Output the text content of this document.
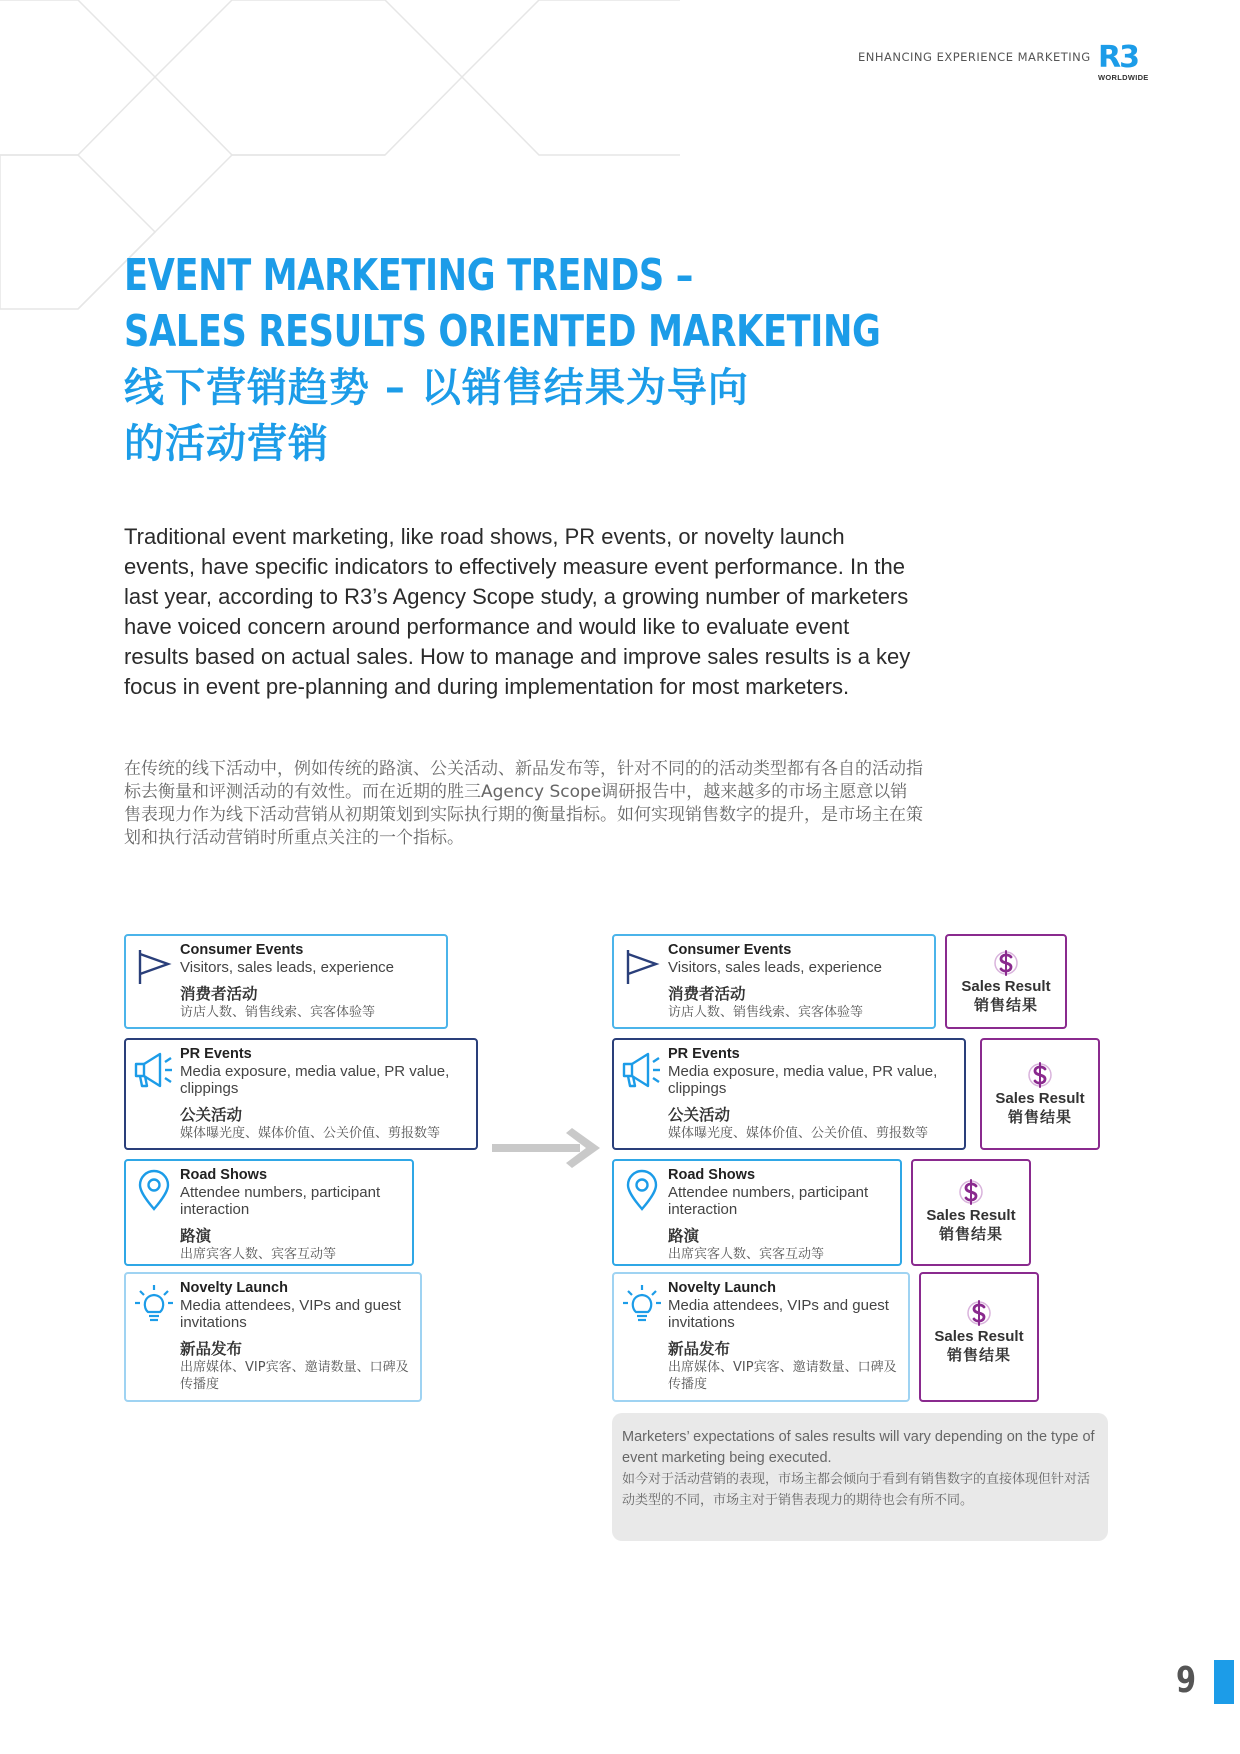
ENHANCING EXPERIENCE MARKETING R3
WORLDWIDE
EVENT MARKETING TRENDS –
SALES RESULTS ORIENTED MARKETING
线下营销趋势 – 以销售结果为导向
的活动营销
Traditional event marketing, like road shows, PR events, or novelty launch events, have specific indicators to effectively measure event performance. In the last year, according to R3’s Agency Scope study, a growing number of marketers have voiced concern around performance and would like to evaluate event results based on actual sales. How to manage and improve sales results is a key focus in event pre-planning and during implementation for most marketers.
在传统的线下活动中，例如传统的路演、公关活动、新品发布等，针对不同的的活动类型都有各自的活动指标去衡量和评测活动的有效性。而在近期的胜三Agency Scope调研报告中，越来越多的市场主愿意以销售表现力作为线下活动营销从初期策划到实际执行期的衡量指标。如何实现销售数字的提升，是市场主在策划和执行活动营销时所重点关注的一个指标。
Consumer Events
Visitors, sales leads, experience
消费者活动
访店人数、销售线索、宾客体验等
PR Events
Media exposure, media value, PR value, clippings
公关活动
媒体曝光度、媒体价值、公关价值、剪报数等
Road Shows
Attendee numbers, participant interaction
路演
出席宾客人数、宾客互动等
Novelty Launch
Media attendees, VIPs and guest invitations
新品发布
出席媒体、VIP宾客、邀请数量、口碑及传播度
Consumer Events
Visitors, sales leads, experience
消费者活动
访店人数、销售线索、宾客体验等
PR Events
Media exposure, media value, PR value, clippings
公关活动
媒体曝光度、媒体价值、公关价值、剪报数等
Road Shows
Attendee numbers, participant interaction
路演
出席宾客人数、宾客互动等
Novelty Launch
Media attendees, VIPs and guest invitations
新品发布
出席媒体、VIP宾客、邀请数量、口碑及传播度
Sales Result
销售结果
Sales Result
销售结果
Sales Result
销售结果
Sales Result
销售结果
Marketers’ expectations of sales results will vary depending on the type of event marketing being executed.
如今对于活动营销的表现，市场主都会倾向于看到有销售数字的直接体现但针对活动类型的不同，市场主对于销售表现力的期待也会有所不同。
9
